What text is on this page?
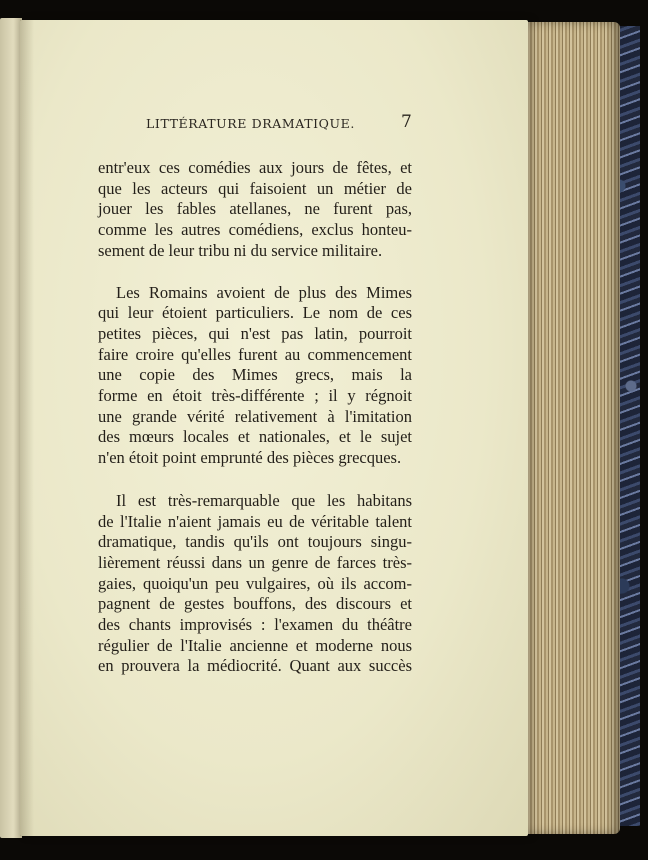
LITTÉRATURE DRAMATIQUE.	7

entr'eux ces comédies aux jours de fêtes, et
que les acteurs qui faisoient un métier de
jouer les fables atellanes, ne furent pas,
comme les autres comédiens, exclus honteu-
sement de leur tribu ni du service militaire.

Les Romains avoient de plus des Mimes

qui leur étoient particuliers. Le nom de ces
petites pièces, qui n'est pas latin, pourroit
faire croire qu'elles furent au commencement
une copie des Mimes grecs, mais la
forme en étoit très-différente ; il y régnoit
une grande vérité relativement à l'imitation
des mœurs locales et nationales, et le sujet
n'en étoit point emprunté des pièces grecques.

Il est très-remarquable que les habitans

de l'Italie n'aient jamais eu de véritable talent
dramatique, tandis qu'ils ont toujours singu-
lièrement réussi dans un genre de farces très-
gaies, quoiqu'un peu vulgaires, où ils accom-
pagnent de gestes bouffons, des discours et
des chants improvisés : l'examen du théâtre
régulier de l'Italie ancienne et moderne nous
en prouvera la médiocrité. Quant aux succès
